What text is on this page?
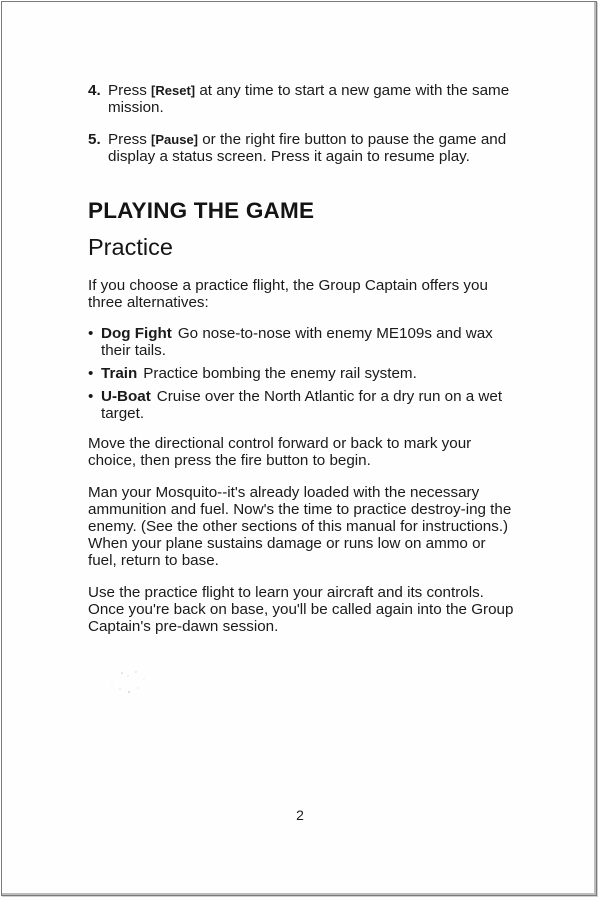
4. Press [Reset] at any time to start a new game with the same mission.
5. Press [Pause] or the right fire button to pause the game and display a status screen. Press it again to resume play.
PLAYING THE GAME
Practice

If you choose a practice flight, the Group Captain offers you three alternatives:

• Dog Fight Go nose-to-nose with enemy ME109s and wax their tails.
• Train Practice bombing the enemy rail system.
• U-Boat Cruise over the North Atlantic for a dry run on a wet target.

Move the directional control forward or back to mark your choice, then press the fire button to begin.

Man your Mosquito--it's already loaded with the necessary ammunition and fuel. Now's the time to practice destroy-ing the enemy. (See the other sections of this manual for instructions.) When your plane sustains damage or runs low on ammo or fuel, return to base.

Use the practice flight to learn your aircraft and its controls. Once you're back on base, you'll be called again into the Group Captain's pre-dawn session.

2
